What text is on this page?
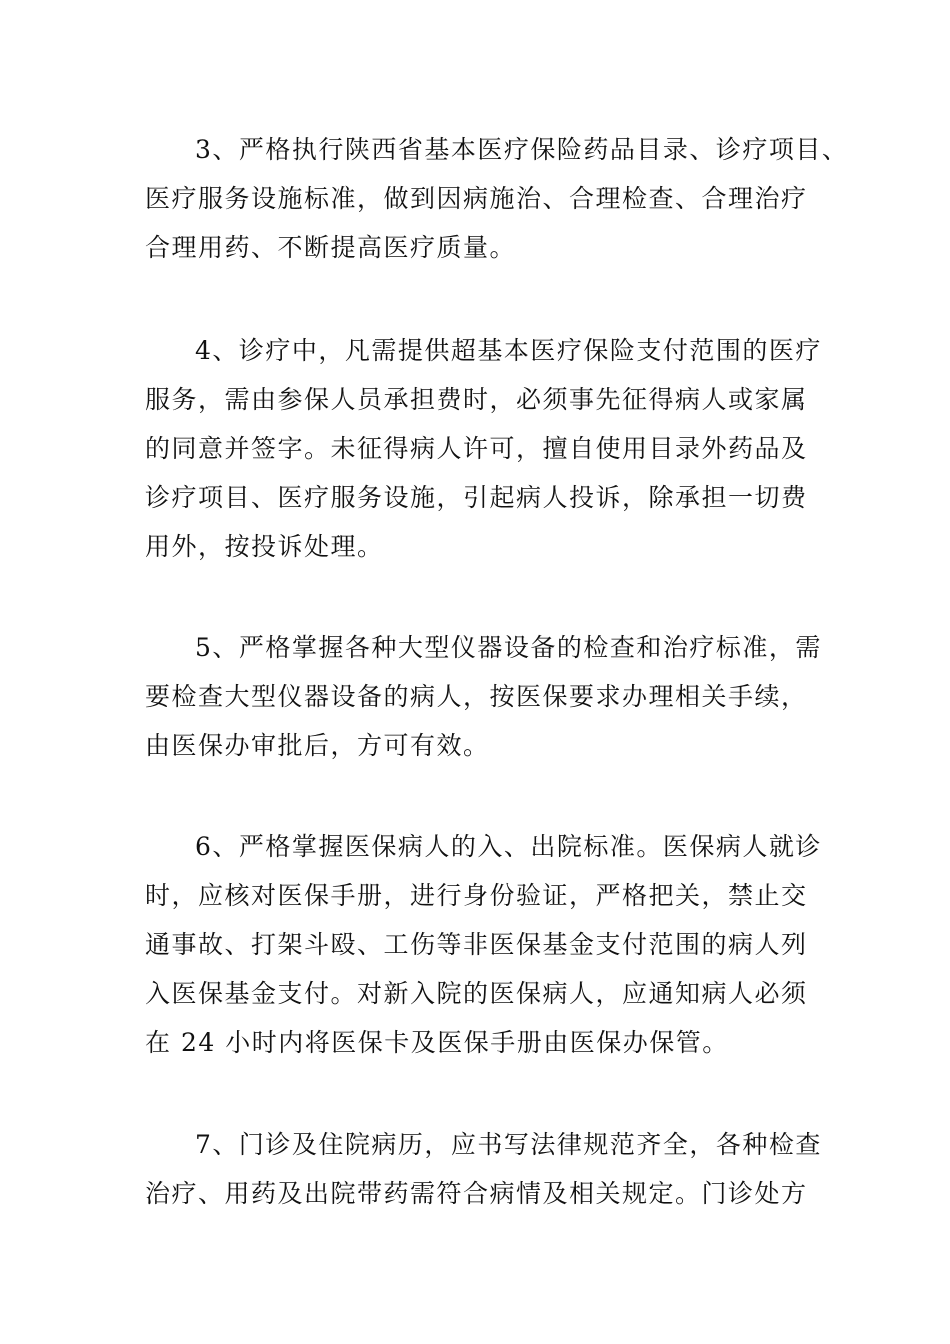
3、严格执行陕西省基本医疗保险药品目录、诊疗项目、
医疗服务设施标准，做到因病施治、合理检查、合理治疗
合理用药、不断提高医疗质量。
4、诊疗中，凡需提供超基本医疗保险支付范围的医疗
服务，需由参保人员承担费时，必须事先征得病人或家属
的同意并签字。未征得病人许可，擅自使用目录外药品及
诊疗项目、医疗服务设施，引起病人投诉，除承担一切费
用外，按投诉处理。
5、严格掌握各种大型仪器设备的检查和治疗标准，需
要检查大型仪器设备的病人，按医保要求办理相关手续，
由医保办审批后，方可有效。
6、严格掌握医保病人的入、出院标准。医保病人就诊
时，应核对医保手册，进行身份验证，严格把关，禁止交
通事故、打架斗殴、工伤等非医保基金支付范围的病人列
入医保基金支付。对新入院的医保病人，应通知病人必须
在 24 小时内将医保卡及医保手册由医保办保管。
7、门诊及住院病历，应书写法律规范齐全，各种检查
治疗、用药及出院带药需符合病情及相关规定。门诊处方
